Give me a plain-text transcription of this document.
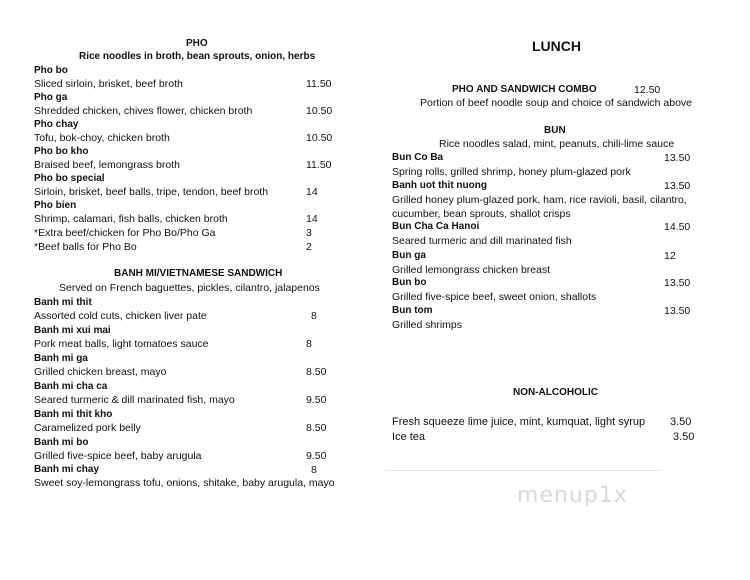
PHO
Rice noodles in broth, bean sprouts, onion, herbs
Pho bo
Sliced sirloin, brisket, beef broth	11.50
Pho ga
Shredded chicken, chives flower, chicken broth	10.50
Pho chay
Tofu, bok-choy, chicken broth	10.50
Pho bo kho
Braised beef, lemongrass broth	11.50
Pho bo special
Sirloin, brisket, beef balls, tripe, tendon, beef broth	14
Pho bien
Shrimp, calamari, fish balls, chicken broth	14
*Extra beef/chicken for Pho Bo/Pho Ga	3
*Beef balls for Pho Bo	2
BANH MI/VIETNAMESE SANDWICH
Served on French baguettes, pickles, cilantro, jalapenos
Banh mi thit
Assorted cold cuts, chicken liver pate	8
Banh mi xui mai
Pork meat balls, light tomatoes sauce	8
Banh mi ga
Grilled chicken breast, mayo	8.50
Banh mi cha ca
Seared turmeric & dill marinated fish, mayo	9.50
Banh mi thit kho
Caramelized pork belly	8.50
Banh mi bo
Grilled five-spice beef, baby arugula	9.50
Banh mi chay	8
Sweet soy-lemongrass tofu, onions, shitake, baby arugula, mayo
LUNCH
PHO AND SANDWICH COMBO	12.50
Portion of beef noodle soup and choice of sandwich above
BUN
Rice noodles salad, mint, peanuts, chili-lime sauce
Bun Co Ba	13.50
Spring rolls, grilled shrimp, honey plum-glazed pork
Banh uot thit nuong	13.50
Grilled honey plum-glazed pork, ham, rice ravioli, basil, cilantro, cucumber, bean sprouts, shallot crisps
Bun Cha Ca Hanoi	14.50
Seared turmeric and dill marinated fish
Bun ga	12
Grilled lemongrass chicken breast
Bun bo	13.50
Grilled five-spice beef, sweet onion, shallots
Bun tom	13.50
Grilled shrimps
NON-ALCOHOLIC
Fresh squeeze lime juice, mint, kumquat, light syrup 3.50
Ice tea	3.50
menup1x
